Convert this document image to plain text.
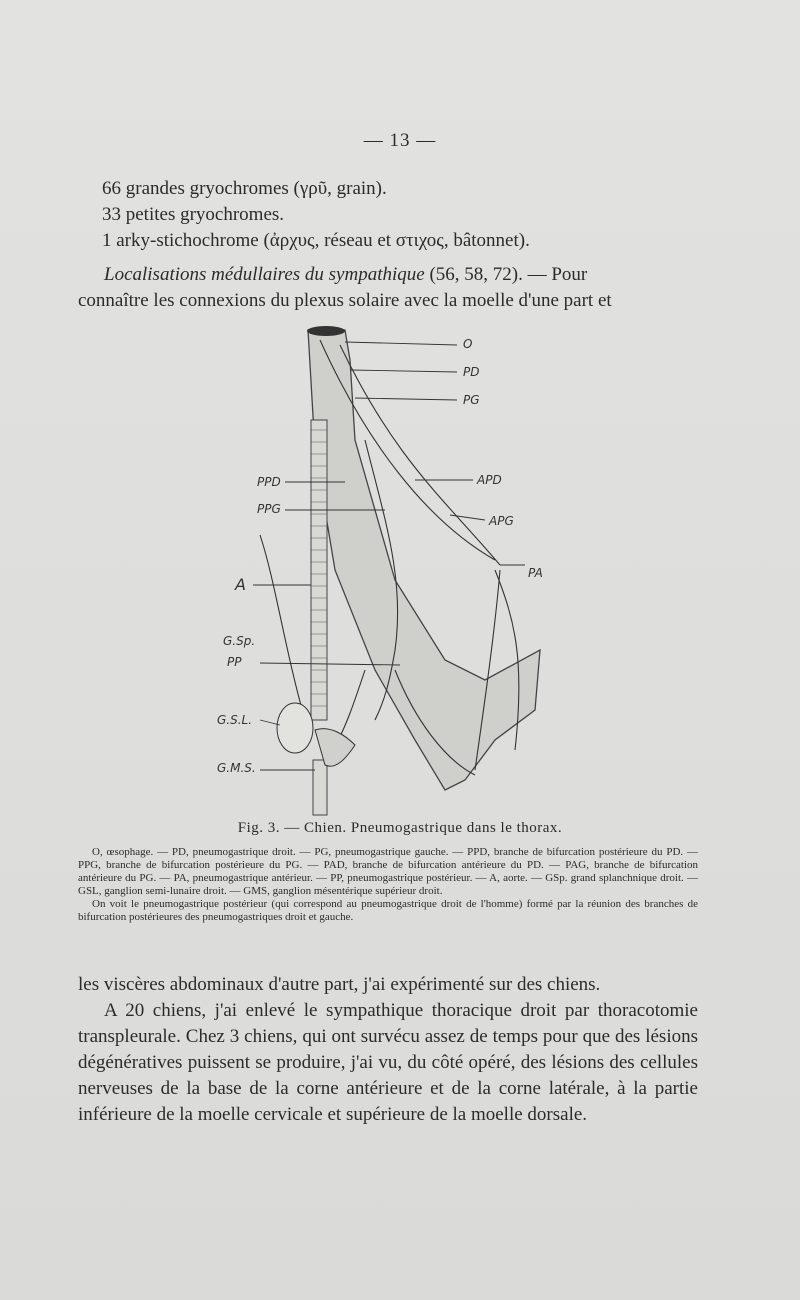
— 13 —
66 grandes gryochromes (γρῦ, grain).
33 petites gryochromes.
1 arky-stichochrome (ἀρχυς, réseau et στιχος, bâtonnet).
Localisations médullaires du sympathique (56, 58, 72). — Pour
connaître les connexions du plexus solaire avec la moelle d'une part et
O
PD
PG
PPD
PPG
APD
APG
PA
A
G.Sp.
PP
G.S.L.
G.M.S.
Fig. 3. — Chien. Pneumogastrique dans le thorax.

O, œsophage. — PD, pneumogastrique droit. — PG, pneumogastrique gauche. — PPD, branche de bifurcation postérieure du PD. — PPG, branche de bifurcation postérieure du PG. — PAD, branche de bifurcation antérieure du PD. — PAG, branche de bifurcation antérieure du PG. — PA, pneumogastrique antérieur. — PP, pneumogastrique postérieur. — A, aorte. — GSp. grand splanchnique droit. — GSL, ganglion semi-lunaire droit. — GMS, ganglion mésentérique supérieur droit.

On voit le pneumogastrique postérieur (qui correspond au pneumogastrique droit de l'homme) formé par la réunion des branches de bifurcation postérieures des pneumogastriques droit et gauche.

les viscères abdominaux d'autre part, j'ai expérimenté sur des chiens.

A 20 chiens, j'ai enlevé le sympathique thoracique droit par thoracotomie transpleurale. Chez 3 chiens, qui ont survécu assez de temps pour que des lésions dégénératives puissent se produire, j'ai vu, du côté opéré, des lésions des cellules nerveuses de la base de la corne antérieure et de la corne latérale, à la partie inférieure de la moelle cervicale et supérieure de la moelle dorsale.
